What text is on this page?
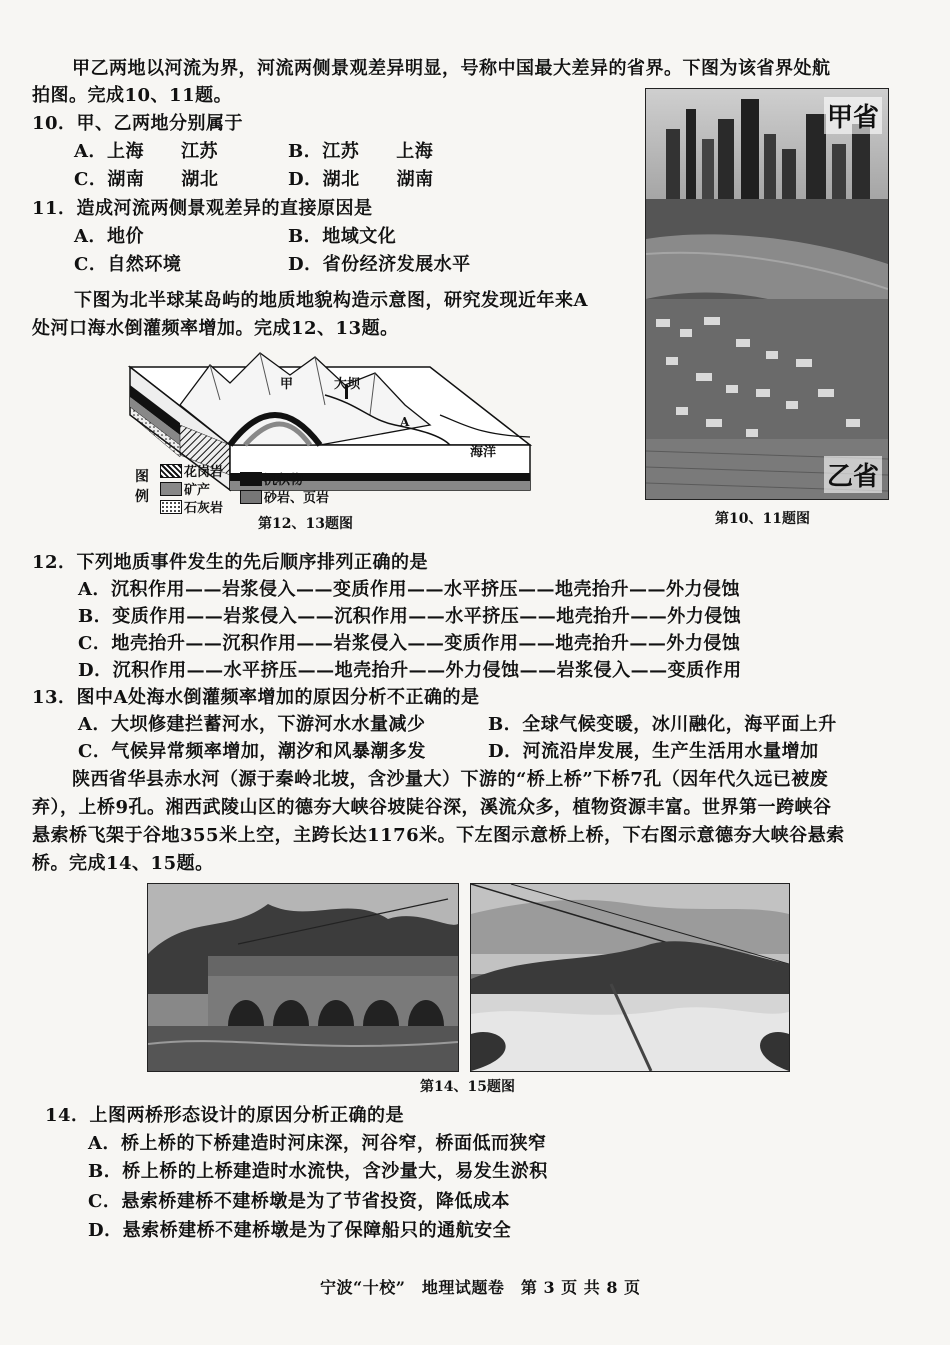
甲乙两地以河流为界，河流两侧景观差异明显，号称中国最大差异的省界。下图为该省界处航
拍图。完成10、11题。
10．甲、乙两地分别属于
A．上海　　江苏	B．江苏　　上海
C．湖南　　湖北	D．湖北　　湖南
11．造成河流两侧景观差异的直接原因是
A．地价	B．地域文化
C．自然环境	D．省份经济发展水平
下图为北半球某岛屿的地质地貌构造示意图，研究发现近年来A
处河口海水倒灌频率增加。完成12、13题。
甲省
乙省
第10、11题图
甲	大坝
A
海洋
图
例
花岗岩
矿产
石灰岩
沉积物
砂岩、页岩
第12、13题图
12．下列地质事件发生的先后顺序排列正确的是
A．沉积作用——岩浆侵入——变质作用——水平挤压——地壳抬升——外力侵蚀
B．变质作用——岩浆侵入——沉积作用——水平挤压——地壳抬升——外力侵蚀
C．地壳抬升——沉积作用——岩浆侵入——变质作用——地壳抬升——外力侵蚀
D．沉积作用——水平挤压——地壳抬升——外力侵蚀——岩浆侵入——变质作用
13．图中A处海水倒灌频率增加的原因分析不正确的是
A．大坝修建拦蓄河水，下游河水水量减少	B．全球气候变暖，冰川融化，海平面上升
C．气候异常频率增加，潮汐和风暴潮多发	D．河流沿岸发展，生产生活用水量增加
陕西省华县赤水河（源于秦岭北坡，含沙量大）下游的“桥上桥”下桥7孔（因年代久远已被废
弃），上桥9孔。湘西武陵山区的德夯大峡谷坡陡谷深，溪流众多，植物资源丰富。世界第一跨峡谷
悬索桥飞架于谷地355米上空，主跨长达1176米。下左图示意桥上桥，下右图示意德夯大峡谷悬索
桥。完成14、15题。
第14、15题图
14．上图两桥形态设计的原因分析正确的是
A．桥上桥的下桥建造时河床深，河谷窄，桥面低而狭窄
B．桥上桥的上桥建造时水流快，含沙量大，易发生淤积
C．悬索桥建桥不建桥墩是为了节省投资，降低成本
D．悬索桥建桥不建桥墩是为了保障船只的通航安全
宁波“十校”　地理试题卷　第 3 页 共 8 页
